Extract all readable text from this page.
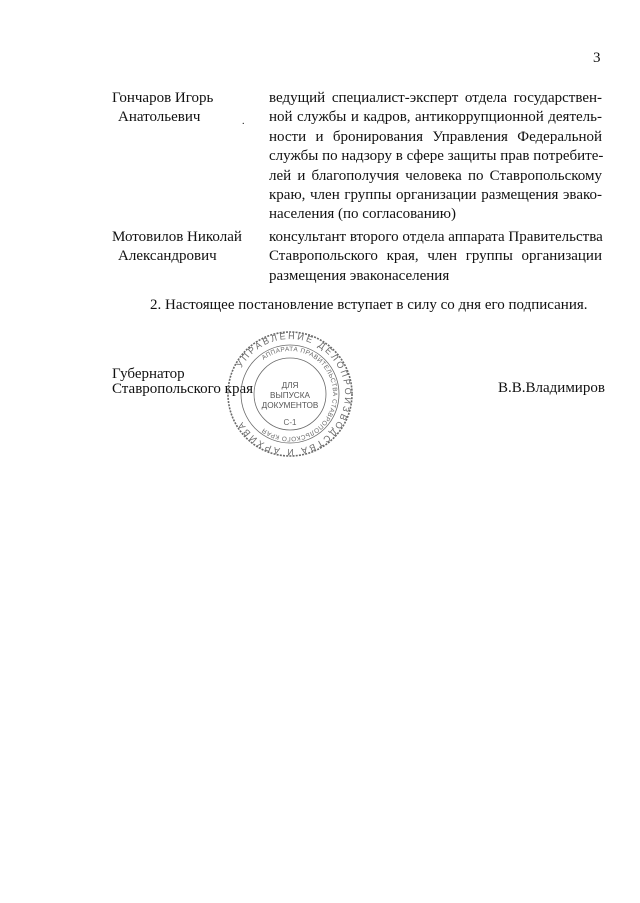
3
Гончаров Игорь
Анатольевич	.
ведущий специалист-эксперт отдела государствен-
ной службы и кадров, антикоррупционной деятель-
ности и бронирования Управления Федеральной
службы по надзору в сфере защиты прав потребите-
лей и благополучия человека по Ставропольскому
краю, член группы организации размещения эвако-
населения (по согласованию)
Мотовилов Николай
Александрович
консультант второго отдела аппарата Правительства
Ставропольского края, член группы организации
размещения эваконаселения
2. Настоящее постановление вступает в силу со дня его подписания.
Губернатор
Ставропольского края	В.В.Владимиров
УПРАВЛЕНИЕ ДЕЛОПРОИЗВОДСТВА И АРХИВА
АППАРАТА ПРАВИТЕЛЬСТВА СТАВРОПОЛЬСКОГО КРАЯ
ДЛЯ
ВЫПУСКА
ДОКУМЕНТОВ
С-1
